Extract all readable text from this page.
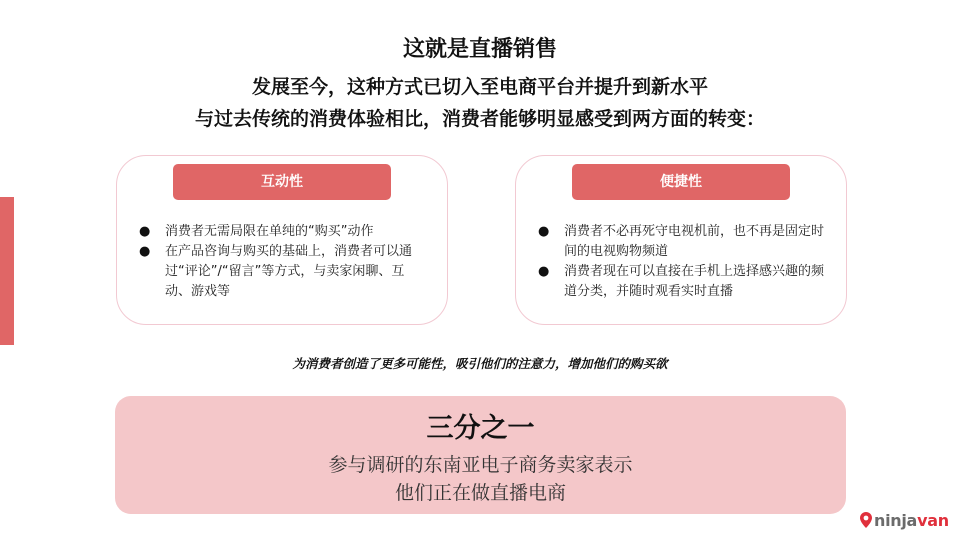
这就是直播销售
发展至今，这种方式已切入至电商平台并提升到新水平
与过去传统的消费体验相比，消费者能够明显感受到两方面的转变：
互动性
● 消费者无需局限在单纯的“购买”动作
● 在产品咨询与购买的基础上，消费者可以通过“评论”/“留言”等方式，与卖家闲聊、互动、游戏等
便捷性
● 消费者不必再死守电视机前，也不再是固定时间的电视购物频道
● 消费者现在可以直接在手机上选择感兴趣的频道分类，并随时观看实时直播
为消费者创造了更多可能性，吸引他们的注意力，增加他们的购买欲
三分之一
参与调研的东南亚电子商务卖家表示
他们正在做直播电商
ninjavan
